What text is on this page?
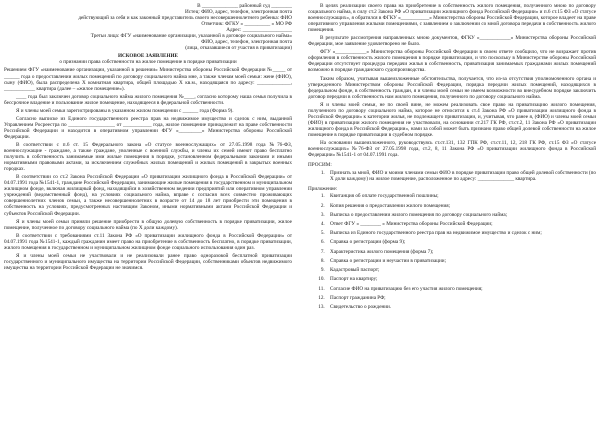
В ______________ районный суд ________

Истец: ФИО, адрес, телефон, электронная почта

действующий за себя и как законный представитель своего несовершеннолетнего ребенка: ФИО

Ответчик: ФГКУ « __________ » МО РФ

Адрес: ___________________

Третьи лица: ФГУ «наименование организации, указанной в договоре социального найма»

ФИО, адрес, телефон, электронная почта

(лица, отказавшиеся от участия в приватизации)

ИСКОВОЕ ЗАЯВЛЕНИЕ

о признании права собственности на жилое помещение в порядке приватизации

Решением ФГУ «наименование организации, указанной в решении» Министерства обороны Российской Федерации №_____ от ______ года о предоставлении жилых помещений по договору социального найма мне, а также членам моей семьи: жене (ФИО), сыну (ФИО), была распределена Х комнатная квартира, общей площадью Х кв.м., находящаяся по адресу: _____________, ____________ квартира (далее – «жилое помещение»).

____ года был заключен договор социального найма жилого помещения №____, согласно которому наша семья получила в бессрочное владение и пользование жилое помещение, находящееся в федеральной собственности.

Я и члены моей семьи зарегистрированы в указанном жилом помещении с ______ года (Форма 9).

Согласно выписке из Единого государственного реестра прав на недвижимое имущество и сделок с ним, выданной Управлением Росреестра по __________________ от ___________ года, жилое помещение принадлежит на праве собственности Российской Федерации и находится в оперативном управлении ФГУ «_________» Министерства обороны Российской Федерации.

В соответствии с п.6 ст. 15 Федерального закона «О статусе военнослужащих» от 27.05.1998 года №76-ФЗ, военнослужащие - граждане, а также граждане, уволенные с военной службы, и члены их семей имеют право бесплатно получить в собственность занимаемые ими жилые помещения в порядке, установленном федеральными законами и иными нормативными правовыми актами, за исключением служебных жилых помещений и жилых помещений в закрытых военных городках.

В соответствии со ст.2 Закона Российской Федерации «О приватизации жилищного фонда в Российской Федерации» от 04.07.1991 года №1541-1, граждане Российской Федерации, занимающие жилые помещения в государственном и муниципальном жилищном фонде, включая жилищный фонд, находящийся в хозяйственном ведении предприятий или оперативном управлении учреждений (ведомственный фонд), на условиях социального найма, вправе с согласия всех совместно проживающих совершеннолетних членов семьи, а также несовершеннолетних в возрасте от 14 до 18 лет приобрести эти помещения в собственность на условиях, предусмотренных настоящим Законом, иными нормативными актами Российской Федерации и субъектов Российской Федерации.

Я и члены моей семьи приняли решение приобрести в общую долевую собственность в порядке приватизации, жилое помещение, полученное по договору социального найма (по Х доли каждому).

В соответствии с требованиями ст.11 Закона РФ «О приватизации жилищного фонда в Российской Федерации» от 04.07.1991 года №1541-1, каждый гражданин имеет право на приобретение в собственность бесплатно, в порядке приватизации, жилого помещения в государственном и муниципальном жилищном фонде социального использования один раз.

Я и члены моей семьи не участвовали и не реализовали ранее право одноразовой бесплатной приватизации государственного и муниципального имущества на территории Российской Федерации, собственниками объектов недвижимого имущества на территории Российской Федерации не значимся.

В целях реализации своего права на приобретение в собственность жилого помещения, полученного мною по договору социального найма, в силу ст.2 Закона РФ «О приватизации жилищного фонда Российской Федерации» и п.6 ст.15 ФЗ «О статусе военнослужащих», я обратился в ФГКУ «___________» Министерства обороны Российской Федерации, которое владеет на праве оперативного управления жилыми помещениями, с заявлением о заключении со мной договора передачи в собственность жилого помещения.

В результате рассмотрения направленных мною документов, ФГКУ «____________» Министерства обороны Российской Федерации, мое заявление удовлетворено не было.

ФГУ «____________» Министерства обороны Российской Федерации в своем ответе сообщило, что не возражает против оформления в собственность жилого помещения в порядке приватизации, и что поскольку в Министерстве обороны Российской Федерации отсутствует процедура передачи жилья в собственность, приватизация занимаемых гражданами жилых помещений возможно в порядке гражданского судопроизводства.

Таким образом, учитывая вышеизложенные обстоятельства, получается, что из-за отсутствия уполномоченного органа и утвержденного Министерством обороны Российской Федерации, порядка передачи жилых помещений, находящихся в федеральном фонде, в собственность граждан, я и члены моей семьи не имеем возможности во внесудебном порядке заключить договор передачи в собственность нам жилого помещения, полученного по договору социального найма.

Я и члены моей семьи, не по своей вине, не можем реализовать свое право на приватизацию жилого помещения, полученного по договору социального найма, которое не относится к ст.4 Закона РФ «О приватизации жилищного фонда в Российской Федерации» к категории жилья, не подлежащего приватизации, и, учитывая, что ранее я, (ФИО) и члены моей семьи (ФИО) в приватизации жилого помещения не участвовали, на основании ст.217 ГК РФ, ст.ст.2, 11 Закона РФ «О приватизации жилищного фонда в Российской Федерации», нами за собой может быть признано право общей долевой собственности на жилое помещение в порядке приватизации в судебном порядке.

На основании вышеизложенного, руководствуясь ст.ст.131, 132 ГПК РФ, ст.ст.11, 12, 218 ГК РФ, ст.15 ФЗ «О статусе военнослужащих» №76-ФЗ от 27.05.1998 года, ст.2, 8, 11 Закона РФ «О приватизации жилищного фонда в Российской Федерации» №1541-1 от 04.07.1991 года.

ПРОСИМ:

1. Признать за мной, ФИО и моими членами семьи ФИО в порядке приватизации право общей долевой собственности (по Х доли каждому) на жилое помещение, расположенное по адресу: ______________ квартира.

Приложение:

1. Квитанция об оплате государственной пошлины;
2. Копия решения о предоставлении жилого помещения;
3. Выписка о предоставлении жилого помещения по договору социального найма;
4. Ответ ФГУ « ________ » Министерства обороны Российской Федерации;
5. Выписка из Единого государственного реестра прав на недвижимое имущество и сделок с ним;
6. Справка о регистрации (форма 9);
7. Характеристика жилого помещения (форма 7);
8. Справка о регистрации и неучастии в приватизации;
9. Кадастровый паспорт;
10. Паспорт на квартиру;
11. Согласие ФИО на приватизацию без его участия жилого помещения;
12. Паспорт гражданина РФ;
13. Свидетельство о рождении.
